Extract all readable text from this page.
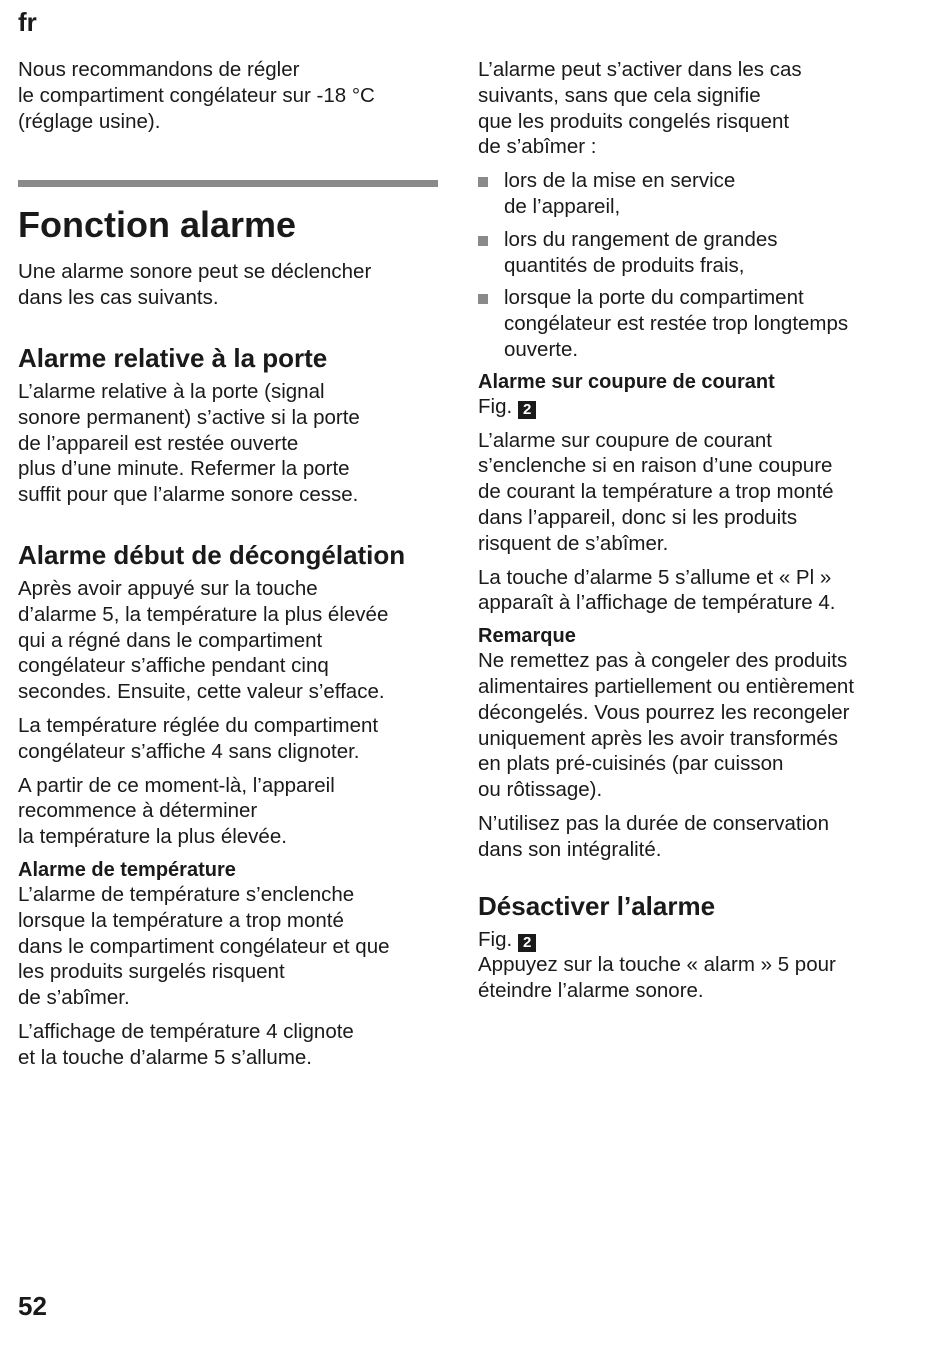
fr

Nous recommandons de régler
le compartiment congélateur sur -18 °C
(réglage usine).

Fonction alarme

Une alarme sonore peut se déclencher
dans les cas suivants.

Alarme relative à la porte

L’alarme relative à la porte (signal
sonore permanent) s’active si la porte
de l’appareil est restée ouverte
plus d’une minute. Refermer la porte
suffit pour que l’alarme sonore cesse.

Alarme début de décongélation

Après avoir appuyé sur la touche
d’alarme 5, la température la plus élevée
qui a régné dans le compartiment
congélateur s’affiche pendant cinq
secondes. Ensuite, cette valeur s’efface.

La température réglée du compartiment
congélateur s’affiche 4 sans clignoter.

A partir de ce moment-là, l’appareil
recommence à déterminer
la température la plus élevée.

Alarme de température

L’alarme de température s’enclenche
lorsque la température a trop monté
dans le compartiment congélateur et que
les produits surgelés risquent
de s’abîmer.

L’affichage de température 4 clignote
et la touche d’alarme 5 s’allume.

L’alarme peut s’activer dans les cas
suivants, sans que cela signifie
que les produits congelés risquent
de s’abîmer :

lors de la mise en service
de l’appareil,
lors du rangement de grandes
quantités de produits frais,
lorsque la porte du compartiment
congélateur est restée trop longtemps
ouverte.
Alarme sur coupure de courant

Fig. 2

L’alarme sur coupure de courant
s’enclenche si en raison d’une coupure
de courant la température a trop monté
dans l’appareil, donc si les produits
risquent de s’abîmer.

La touche d’alarme 5 s’allume et « Pl »
apparaît à l’affichage de température 4.

Remarque

Ne remettez pas à congeler des produits
alimentaires partiellement ou entièrement
décongelés. Vous pourrez les recongeler
uniquement après les avoir transformés
en plats pré-cuisinés (par cuisson
ou rôtissage).

N’utilisez pas la durée de conservation
dans son intégralité.

Désactiver l’alarme

Fig. 2

Appuyez sur la touche « alarm » 5 pour
éteindre l’alarme sonore.

52
